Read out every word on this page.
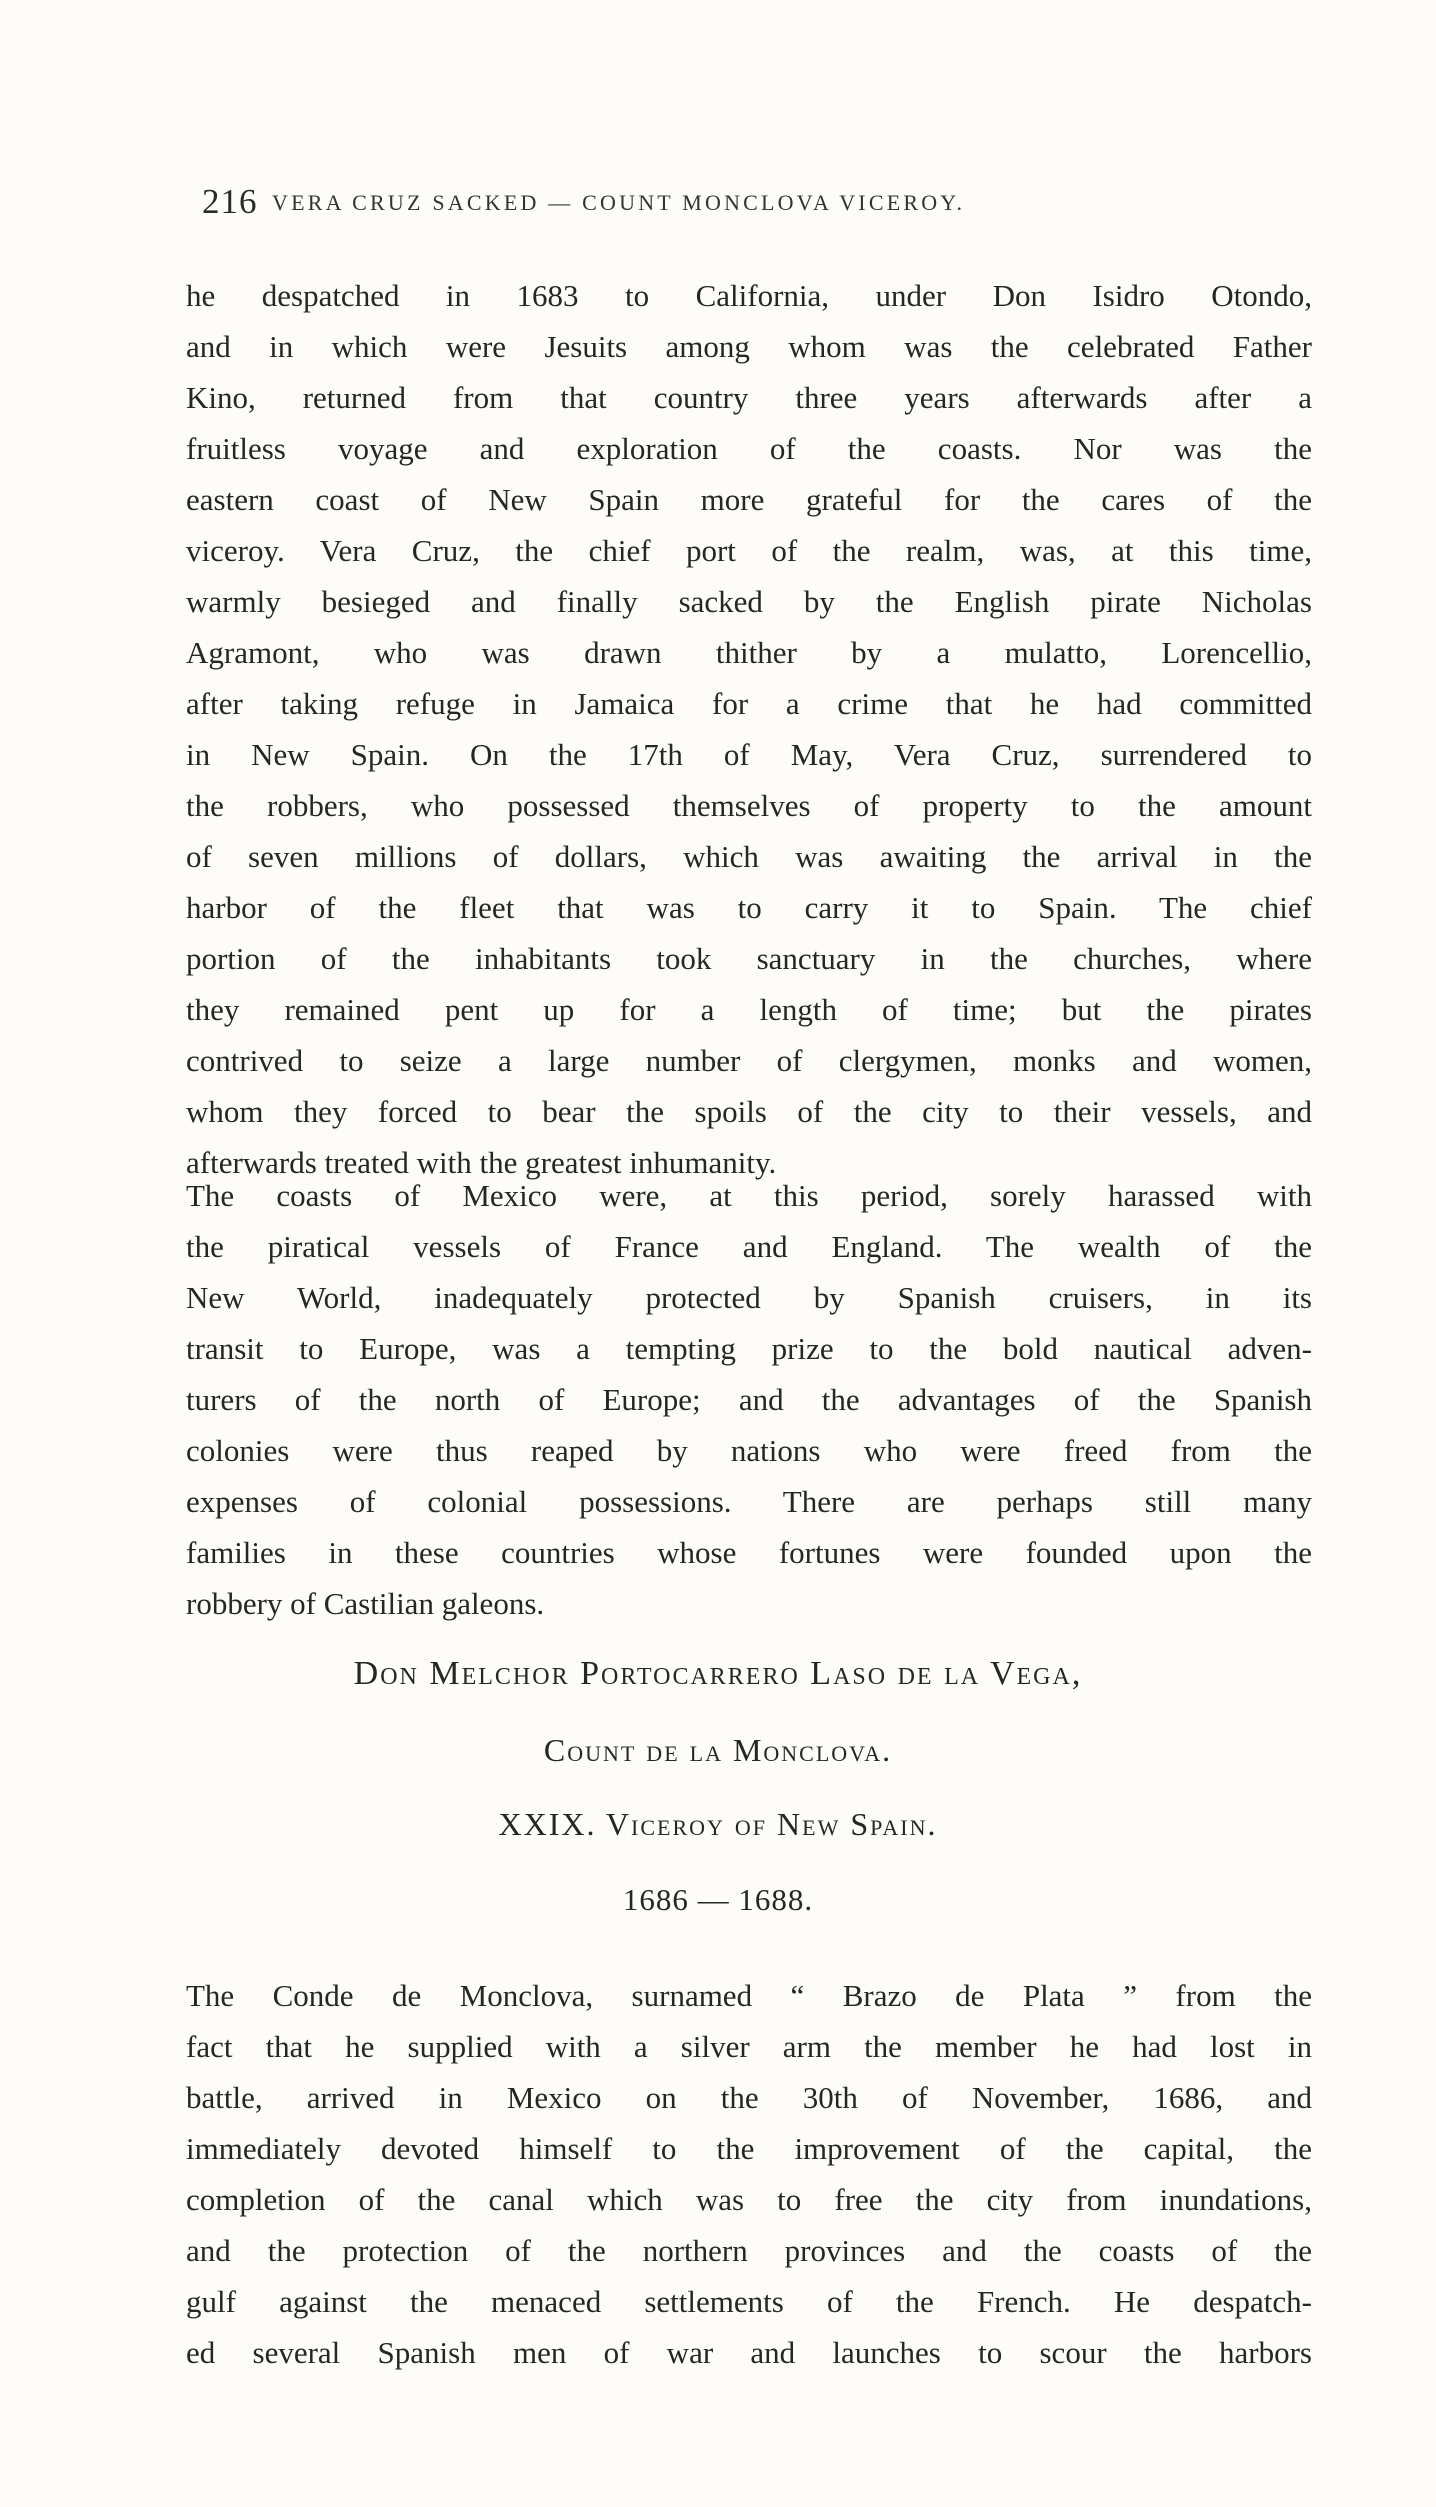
216 VERA CRUZ SACKED — COUNT MONCLOVA VICEROY.
he despatched in 1683 to California, under Don Isidro Otondo,
and in which were Jesuits among whom was the celebrated Father
Kino, returned from that country three years afterwards after a
fruitless voyage and exploration of the coasts. Nor was the
eastern coast of New Spain more grateful for the cares of the
viceroy. Vera Cruz, the chief port of the realm, was, at this time,
warmly besieged and finally sacked by the English pirate Nicholas
Agramont, who was drawn thither by a mulatto, Lorencellio,
after taking refuge in Jamaica for a crime that he had committed
in New Spain. On the 17th of May, Vera Cruz, surrendered to
the robbers, who possessed themselves of property to the amount
of seven millions of dollars, which was awaiting the arrival in the
harbor of the fleet that was to carry it to Spain. The chief
portion of the inhabitants took sanctuary in the churches, where
they remained pent up for a length of time; but the pirates
contrived to seize a large number of clergymen, monks and women,
whom they forced to bear the spoils of the city to their vessels, and
afterwards treated with the greatest inhumanity.
The coasts of Mexico were, at this period, sorely harassed with
the piratical vessels of France and England. The wealth of the
New World, inadequately protected by Spanish cruisers, in its
transit to Europe, was a tempting prize to the bold nautical adven-
turers of the north of Europe; and the advantages of the Spanish
colonies were thus reaped by nations who were freed from the
expenses of colonial possessions. There are perhaps still many
families in these countries whose fortunes were founded upon the
robbery of Castilian galeons.
Don Melchor Portocarrero Laso de la Vega,
Count de la Monclova.
XXIX. Viceroy of New Spain.
1686 — 1688.
The Conde de Monclova, surnamed “ Brazo de Plata ” from the
fact that he supplied with a silver arm the member he had lost in
battle, arrived in Mexico on the 30th of November, 1686, and
immediately devoted himself to the improvement of the capital, the
completion of the canal which was to free the city from inundations,
and the protection of the northern provinces and the coasts of the
gulf against the menaced settlements of the French. He despatch-
ed several Spanish men of war and launches to scour the harbors
